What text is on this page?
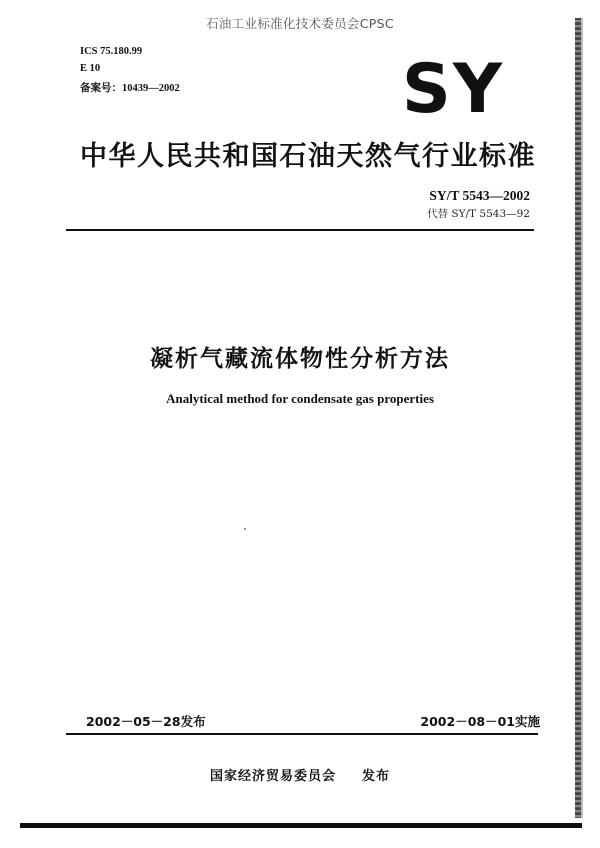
石油工业标准化技术委员会CPSC
ICS 75.180.99
E 10
备案号：10439—2002	SY
中华人民共和国石油天然气行业标准
SY/T 5543—2002
代替 SY/T 5543—92
凝析气藏流体物性分析方法
Analytical method for condensate gas properties
2002－05－28发布	2002－08－01实施
国家经济贸易委员会 发布
